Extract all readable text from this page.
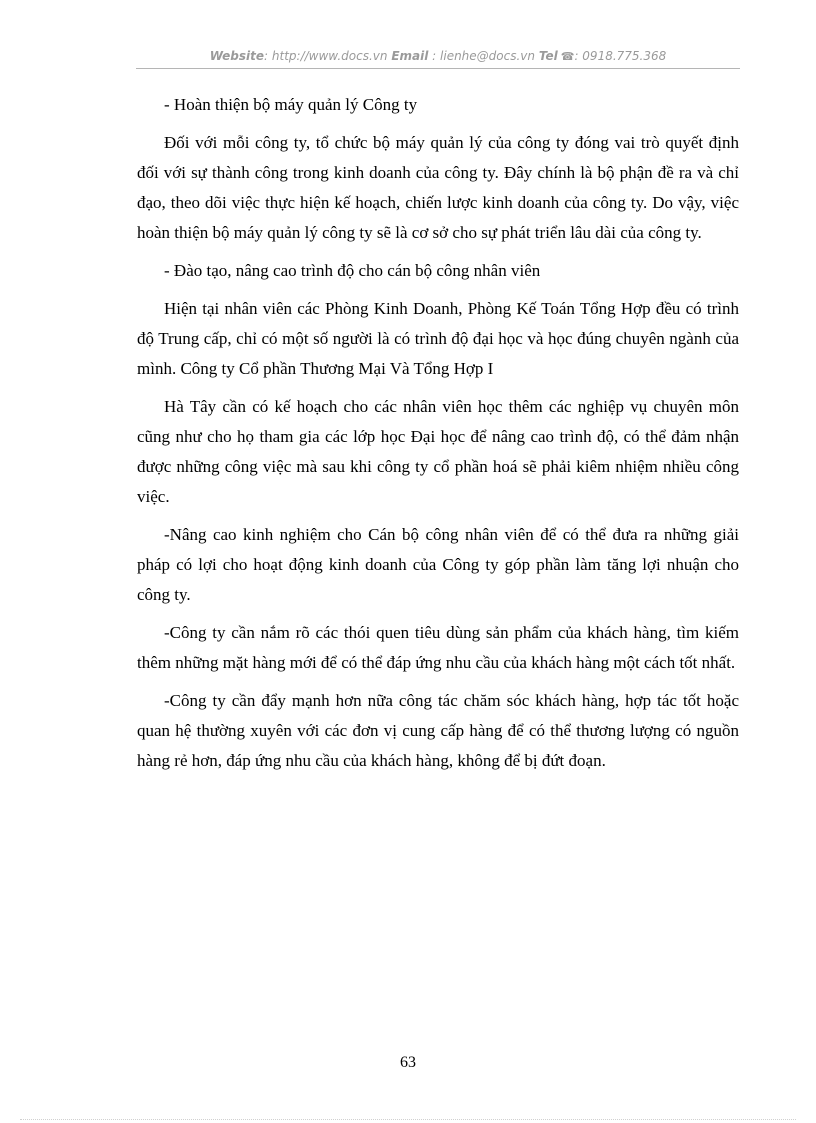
Website: http://www.docs.vn Email : lienhe@docs.vn Tel ☎: 0918.775.368

- Hoàn thiện bộ máy quản lý Công ty

Đối với mỗi công ty, tổ chức bộ máy quản lý của công ty đóng vai trò quyết định đối với sự thành công trong kinh doanh của công ty. Đây chính là bộ phận đề ra và chỉ đạo, theo dõi việc thực hiện kế hoạch, chiến lược kinh doanh của công ty. Do vậy, việc hoàn thiện bộ máy quản lý công ty sẽ là cơ sở cho sự phát triển lâu dài của công ty.

- Đào tạo, nâng cao trình độ cho cán bộ công nhân viên

Hiện tại nhân viên các Phòng Kinh Doanh, Phòng Kế Toán Tổng Hợp đều có trình độ Trung cấp, chỉ có một số người là có trình độ đại học và học đúng chuyên ngành của mình. Công ty Cổ phần Thương Mại Và Tổng Hợp I

Hà Tây cần có kế hoạch cho các nhân viên học thêm các nghiệp vụ chuyên môn cũng như cho họ tham gia các lớp học Đại học để nâng cao trình độ, có thể đảm nhận được những công việc mà sau khi công ty cổ phần hoá sẽ phải kiêm nhiệm nhiều công việc.

-Nâng cao kinh nghiệm cho Cán bộ công nhân viên để có thể đưa ra những giải pháp có lợi cho hoạt động kinh doanh của Công ty góp phần làm tăng lợi nhuận cho công ty.

-Công ty cần nắm rõ các thói quen tiêu dùng sản phẩm của khách hàng, tìm kiếm thêm những mặt hàng mới để có thể đáp ứng nhu cầu của khách hàng một cách tốt nhất.

-Công ty cần đẩy mạnh hơn nữa công tác chăm sóc khách hàng, hợp tác tốt hoặc quan hệ thường xuyên với các đơn vị cung cấp hàng để có thể thương lượng có nguồn hàng rẻ hơn, đáp ứng nhu cầu của khách hàng, không để bị đứt đoạn.

63
